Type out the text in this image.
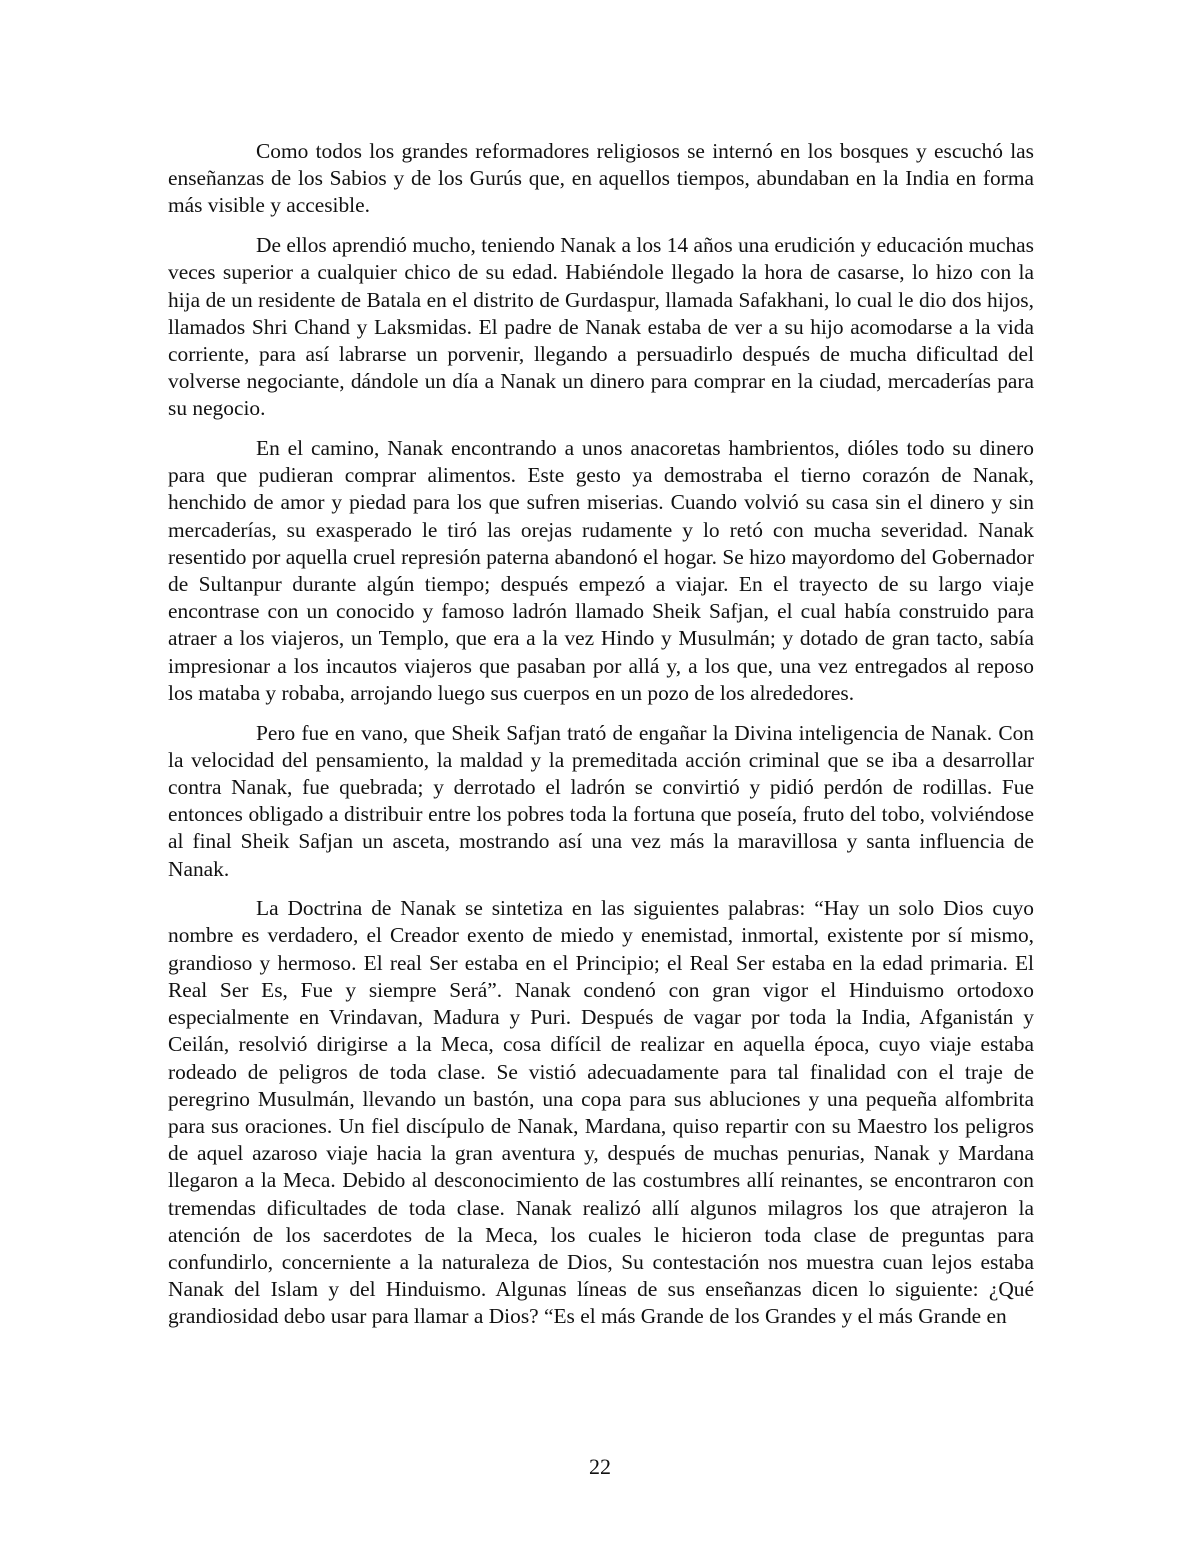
Como todos los grandes reformadores religiosos se internó en los bosques y escuchó las enseñanzas de los Sabios y de los Gurús que, en aquellos tiempos, abundaban en la India en forma más visible y accesible.

De ellos aprendió mucho, teniendo Nanak a los 14 años una erudición y educación muchas veces superior a cualquier chico de su edad. Habiéndole llegado la hora de casarse, lo hizo con la hija de un residente de Batala en el distrito de Gurdaspur, llamada Safakhani, lo cual le dio dos hijos, llamados Shri Chand y Laksmidas. El padre de Nanak estaba de ver a su hijo acomodarse a la vida corriente, para así labrarse un porvenir, llegando a persuadirlo después de mucha dificultad del volverse negociante, dándole un día a Nanak un dinero para comprar en la ciudad, mercaderías para su negocio.

En el camino, Nanak encontrando a unos anacoretas hambrientos, dióles todo su dinero para que pudieran comprar alimentos. Este gesto ya demostraba el tierno corazón de Nanak, henchido de amor y piedad para los que sufren miserias. Cuando volvió su casa sin el dinero y sin mercaderías, su exasperado le tiró las orejas rudamente y lo retó con mucha severidad. Nanak resentido por aquella cruel represión paterna abandonó el hogar. Se hizo mayordomo del Gobernador de Sultanpur durante algún tiempo; después empezó a viajar. En el trayecto de su largo viaje encontrase con un conocido y famoso ladrón llamado Sheik Safjan, el cual había construido para atraer a los viajeros, un Templo, que era a la vez Hindo y Musulmán; y dotado de gran tacto, sabía impresionar a los incautos viajeros que pasaban por allá y, a los que, una vez entregados al reposo los mataba y robaba, arrojando luego sus cuerpos en un pozo de los alrededores.

Pero fue en vano, que Sheik Safjan trató de engañar la Divina inteligencia de Nanak. Con la velocidad del pensamiento, la maldad y la premeditada acción criminal que se iba a desarrollar contra Nanak, fue quebrada; y derrotado el ladrón se convirtió y pidió perdón de rodillas. Fue entonces obligado a distribuir entre los pobres toda la fortuna que poseía, fruto del tobo, volviéndose al final Sheik Safjan un asceta, mostrando así una vez más la maravillosa y santa influencia de Nanak.

La Doctrina de Nanak se sintetiza en las siguientes palabras: “Hay un solo Dios cuyo nombre es verdadero, el Creador exento de miedo y enemistad, inmortal, existente por sí mismo, grandioso y hermoso. El real Ser estaba en el Principio; el Real Ser estaba en la edad primaria. El Real Ser Es, Fue y siempre Será”. Nanak condenó con gran vigor el Hinduismo ortodoxo especialmente en Vrindavan, Madura y Puri. Después de vagar por toda la India, Afganistán y Ceilán, resolvió dirigirse a la Meca, cosa difícil de realizar en aquella época, cuyo viaje estaba rodeado de peligros de toda clase. Se vistió adecuadamente para tal finalidad con el traje de peregrino Musulmán, llevando un bastón, una copa para sus abluciones y una pequeña alfombrita para sus oraciones. Un fiel discípulo de Nanak, Mardana, quiso repartir con su Maestro los peligros de aquel azaroso viaje hacia la gran aventura y, después de muchas penurias, Nanak y Mardana llegaron a la Meca. Debido al desconocimiento de las costumbres allí reinantes, se encontraron con tremendas dificultades de toda clase. Nanak realizó allí algunos milagros los que atrajeron la atención de los sacerdotes de la Meca, los cuales le hicieron toda clase de preguntas para confundirlo, concerniente a la naturaleza de Dios, Su contestación nos muestra cuan lejos estaba Nanak del Islam y del Hinduismo. Algunas líneas de sus enseñanzas dicen lo siguiente: ¿Qué grandiosidad debo usar para llamar a Dios? “Es el más Grande de los Grandes y el más Grande en

22
